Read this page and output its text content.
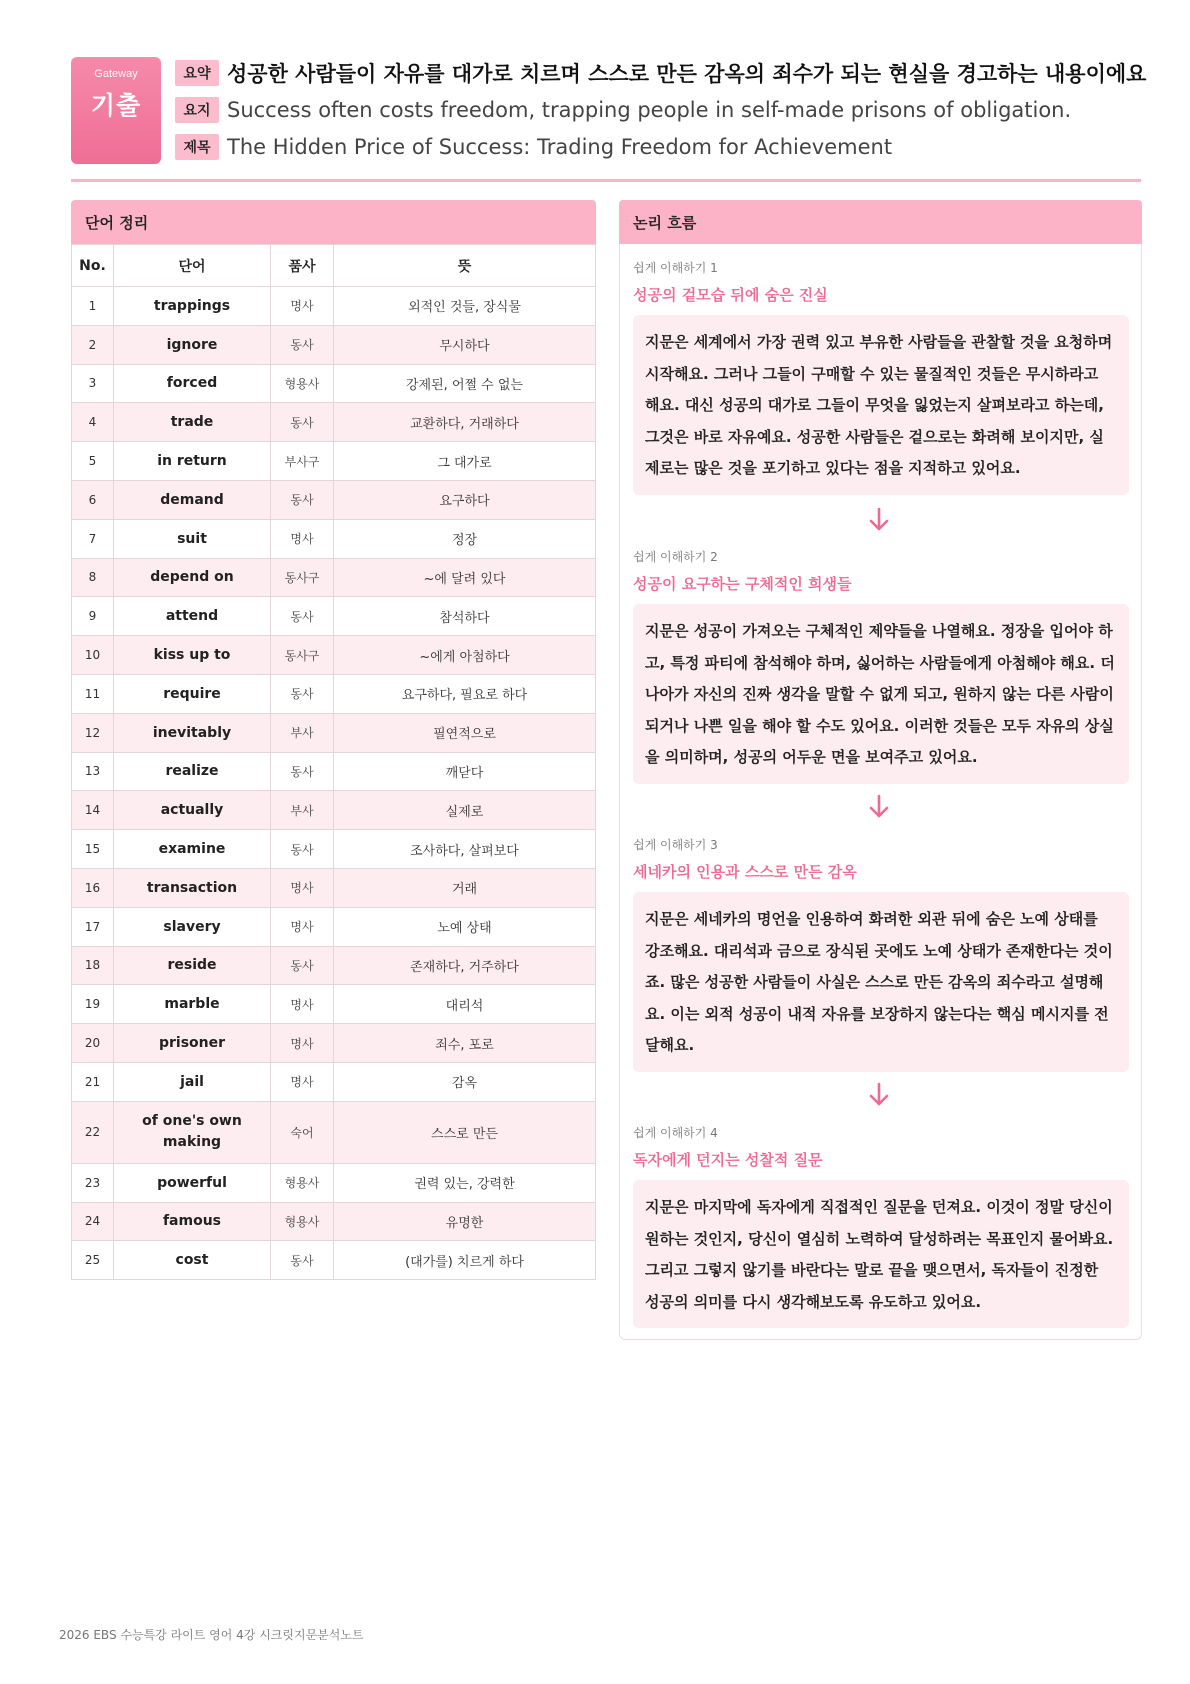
Gateway
기출
요약 성공한 사람들이 자유를 대가로 치르며 스스로 만든 감옥의 죄수가 되는 현실을 경고하는 내용이에요
요지 Success often costs freedom, trapping people in self-made prisons of obligation.
제목 The Hidden Price of Success: Trading Freedom for Achievement
단어 정리
No.	단어	품사	뜻
1	trappings	명사	외적인 것들, 장식물
2	ignore	동사	무시하다
3	forced	형용사	강제된, 어쩔 수 없는
4	trade	동사	교환하다, 거래하다
5	in return	부사구	그 대가로
6	demand	동사	요구하다
7	suit	명사	정장
8	depend on	동사구	~에 달려 있다
9	attend	동사	참석하다
10	kiss up to	동사구	~에게 아첨하다
11	require	동사	요구하다, 필요로 하다
12	inevitably	부사	필연적으로
13	realize	동사	깨닫다
14	actually	부사	실제로
15	examine	동사	조사하다, 살펴보다
16	transaction	명사	거래
17	slavery	명사	노예 상태
18	reside	동사	존재하다, 거주하다
19	marble	명사	대리석
20	prisoner	명사	죄수, 포로
21	jail	명사	감옥
22	of one's own making	숙어	스스로 만든
23	powerful	형용사	권력 있는, 강력한
24	famous	형용사	유명한
25	cost	동사	(대가를) 치르게 하다
논리 흐름
쉽게 이해하기 1
성공의 겉모습 뒤에 숨은 진실
지문은 세계에서 가장 권력 있고 부유한 사람들을 관찰할 것을 요청하며 시작해요. 그러나 그들이 구매할 수 있는 물질적인 것들은 무시하라고 해요. 대신 성공의 대가로 그들이 무엇을 잃었는지 살펴보라고 하는데, 그것은 바로 자유예요. 성공한 사람들은 겉으로는 화려해 보이지만, 실제로는 많은 것을 포기하고 있다는 점을 지적하고 있어요.
쉽게 이해하기 2
성공이 요구하는 구체적인 희생들
지문은 성공이 가져오는 구체적인 제약들을 나열해요. 정장을 입어야 하고, 특정 파티에 참석해야 하며, 싫어하는 사람들에게 아첨해야 해요. 더 나아가 자신의 진짜 생각을 말할 수 없게 되고, 원하지 않는 다른 사람이 되거나 나쁜 일을 해야 할 수도 있어요. 이러한 것들은 모두 자유의 상실을 의미하며, 성공의 어두운 면을 보여주고 있어요.
쉽게 이해하기 3
세네카의 인용과 스스로 만든 감옥
지문은 세네카의 명언을 인용하여 화려한 외관 뒤에 숨은 노예 상태를 강조해요. 대리석과 금으로 장식된 곳에도 노예 상태가 존재한다는 것이죠. 많은 성공한 사람들이 사실은 스스로 만든 감옥의 죄수라고 설명해요. 이는 외적 성공이 내적 자유를 보장하지 않는다는 핵심 메시지를 전달해요.
쉽게 이해하기 4
독자에게 던지는 성찰적 질문
지문은 마지막에 독자에게 직접적인 질문을 던져요. 이것이 정말 당신이 원하는 것인지, 당신이 열심히 노력하여 달성하려는 목표인지 물어봐요. 그리고 그렇지 않기를 바란다는 말로 끝을 맺으면서, 독자들이 진정한 성공의 의미를 다시 생각해보도록 유도하고 있어요.
2026 EBS 수능특강 라이트 영어 4강 시크릿지문분석노트
